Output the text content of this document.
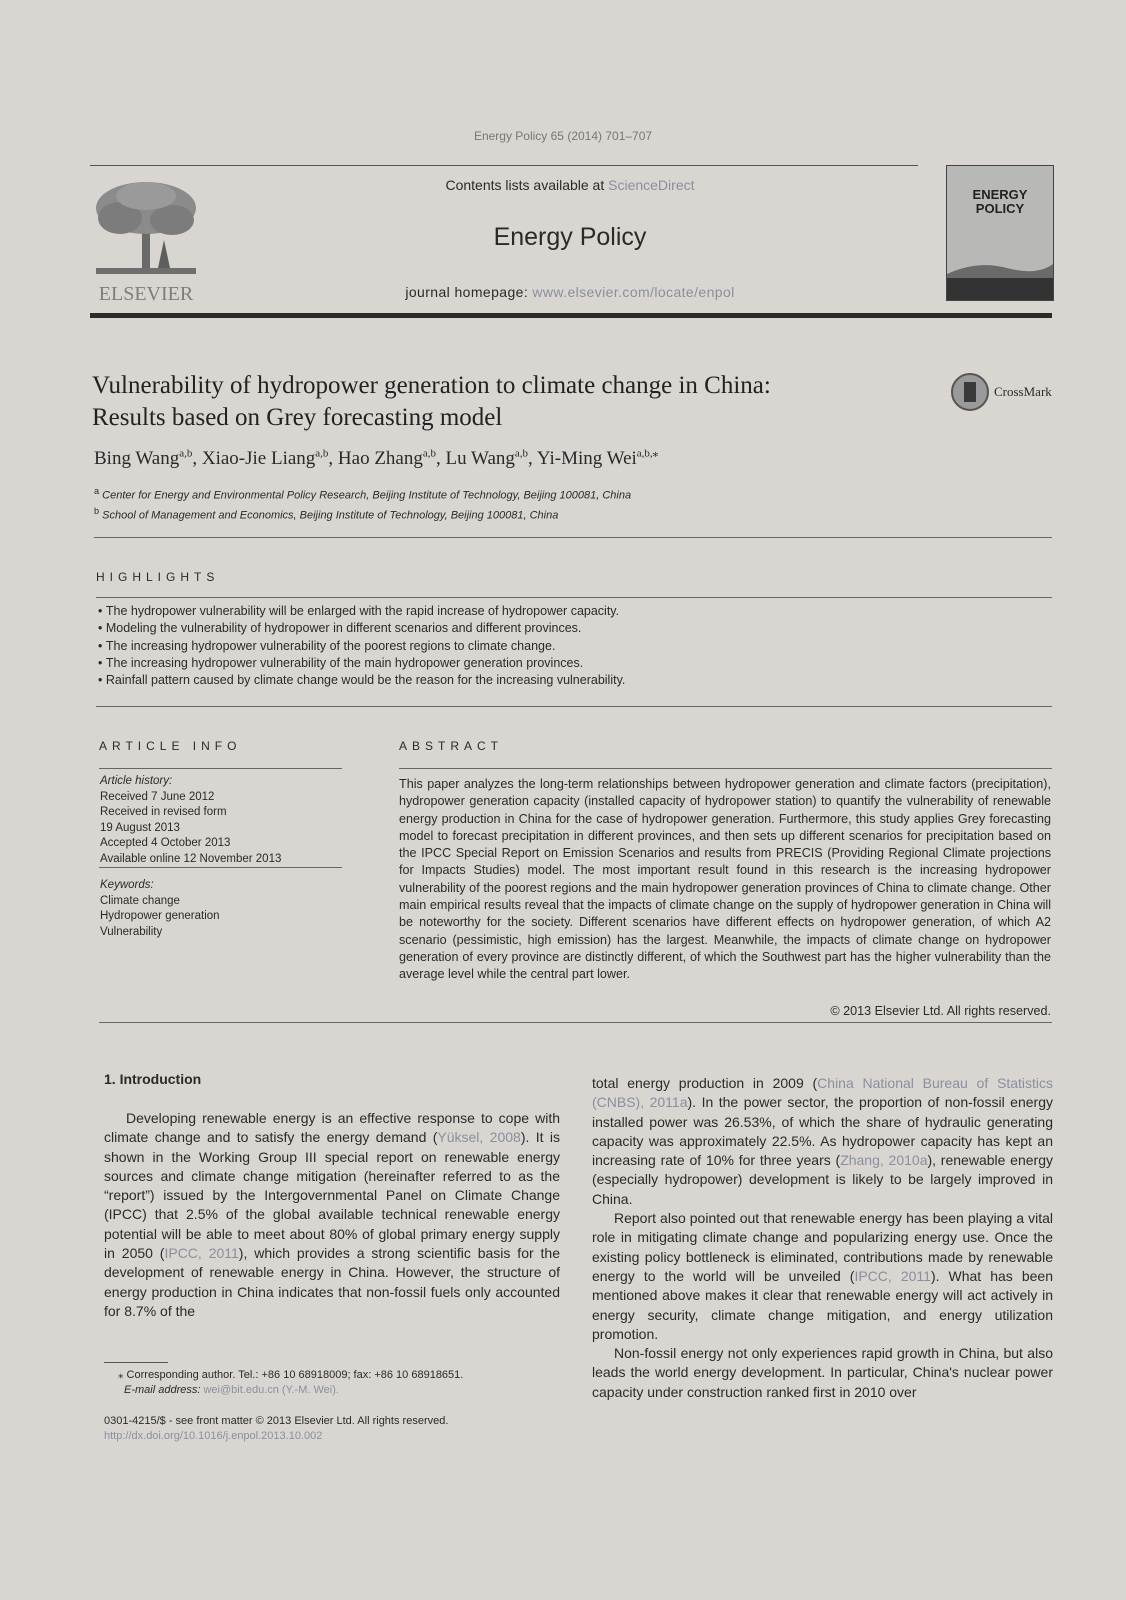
Energy Policy 65 (2014) 701–707
ELSEVIER
Contents lists available at ScienceDirect
Energy Policy
journal homepage: www.elsevier.com/locate/enpol
ENERGY
POLICY
Vulnerability of hydropower generation to climate change in China:
Results based on Grey forecasting model
CrossMark
Bing Wang$^{a,b}$, Xiao-Jie Liang$^{a,b}$, Hao Zhang$^{a,b}$, Lu Wang$^{a,b}$, Yi-Ming Wei$^{a,b,⁎}$
$^a$ Center for Energy and Environmental Policy Research, Beijing Institute of Technology, Beijing 100081, China
$^b$ School of Management and Economics, Beijing Institute of Technology, Beijing 100081, China
HIGHLIGHTS
• The hydropower vulnerability will be enlarged with the rapid increase of hydropower capacity.
• Modeling the vulnerability of hydropower in different scenarios and different provinces.
• The increasing hydropower vulnerability of the poorest regions to climate change.
• The increasing hydropower vulnerability of the main hydropower generation provinces.
• Rainfall pattern caused by climate change would be the reason for the increasing vulnerability.
ARTICLE INFO
Article history:
Received 7 June 2012
Received in revised form
19 August 2013
Accepted 4 October 2013
Available online 12 November 2013
Keywords:
Climate change
Hydropower generation
Vulnerability
ABSTRACT
This paper analyzes the long-term relationships between hydropower generation and climate factors (precipitation), hydropower generation capacity (installed capacity of hydropower station) to quantify the vulnerability of renewable energy production in China for the case of hydropower generation. Furthermore, this study applies Grey forecasting model to forecast precipitation in different provinces, and then sets up different scenarios for precipitation based on the IPCC Special Report on Emission Scenarios and results from PRECIS (Providing Regional Climate projections for Impacts Studies) model. The most important result found in this research is the increasing hydropower vulnerability of the poorest regions and the main hydropower generation provinces of China to climate change. Other main empirical results reveal that the impacts of climate change on the supply of hydropower generation in China will be noteworthy for the society. Different scenarios have different effects on hydropower generation, of which A2 scenario (pessimistic, high emission) has the largest. Meanwhile, the impacts of climate change on hydropower generation of every province are distinctly different, of which the Southwest part has the higher vulnerability than the average level while the central part lower.
© 2013 Elsevier Ltd. All rights reserved.
1. Introduction

Developing renewable energy is an effective response to cope with climate change and to satisfy the energy demand (Yüksel, 2008). It is shown in the Working Group III special report on renewable energy sources and climate change mitigation (hereinafter referred to as the “report”) issued by the Intergovernmental Panel on Climate Change (IPCC) that 2.5% of the global available technical renewable energy potential will be able to meet about 80% of global primary energy supply in 2050 (IPCC, 2011), which provides a strong scientific basis for the development of renewable energy in China. However, the structure of energy production in China indicates that non-fossil fuels only accounted for 8.7% of the

total energy production in 2009 (China National Bureau of Statistics (CNBS), 2011a). In the power sector, the proportion of non-fossil energy installed power was 26.53%, of which the share of hydraulic generating capacity was approximately 22.5%. As hydropower capacity has kept an increasing rate of 10% for three years (Zhang, 2010a), renewable energy (especially hydropower) development is likely to be largely improved in China.

Report also pointed out that renewable energy has been playing a vital role in mitigating climate change and popularizing energy use. Once the existing policy bottleneck is eliminated, contributions made by renewable energy to the world will be unveiled (IPCC, 2011). What has been mentioned above makes it clear that renewable energy will act actively in energy security, climate change mitigation, and energy utilization promotion.

Non-fossil energy not only experiences rapid growth in China, but also leads the world energy development. In particular, China's nuclear power capacity under construction ranked first in 2010 over

⁎ Corresponding author. Tel.: +86 10 68918009; fax: +86 10 68918651.
E-mail address: wei@bit.edu.cn (Y.-M. Wei).
0301-4215/$ - see front matter © 2013 Elsevier Ltd. All rights reserved.
http://dx.doi.org/10.1016/j.enpol.2013.10.002
